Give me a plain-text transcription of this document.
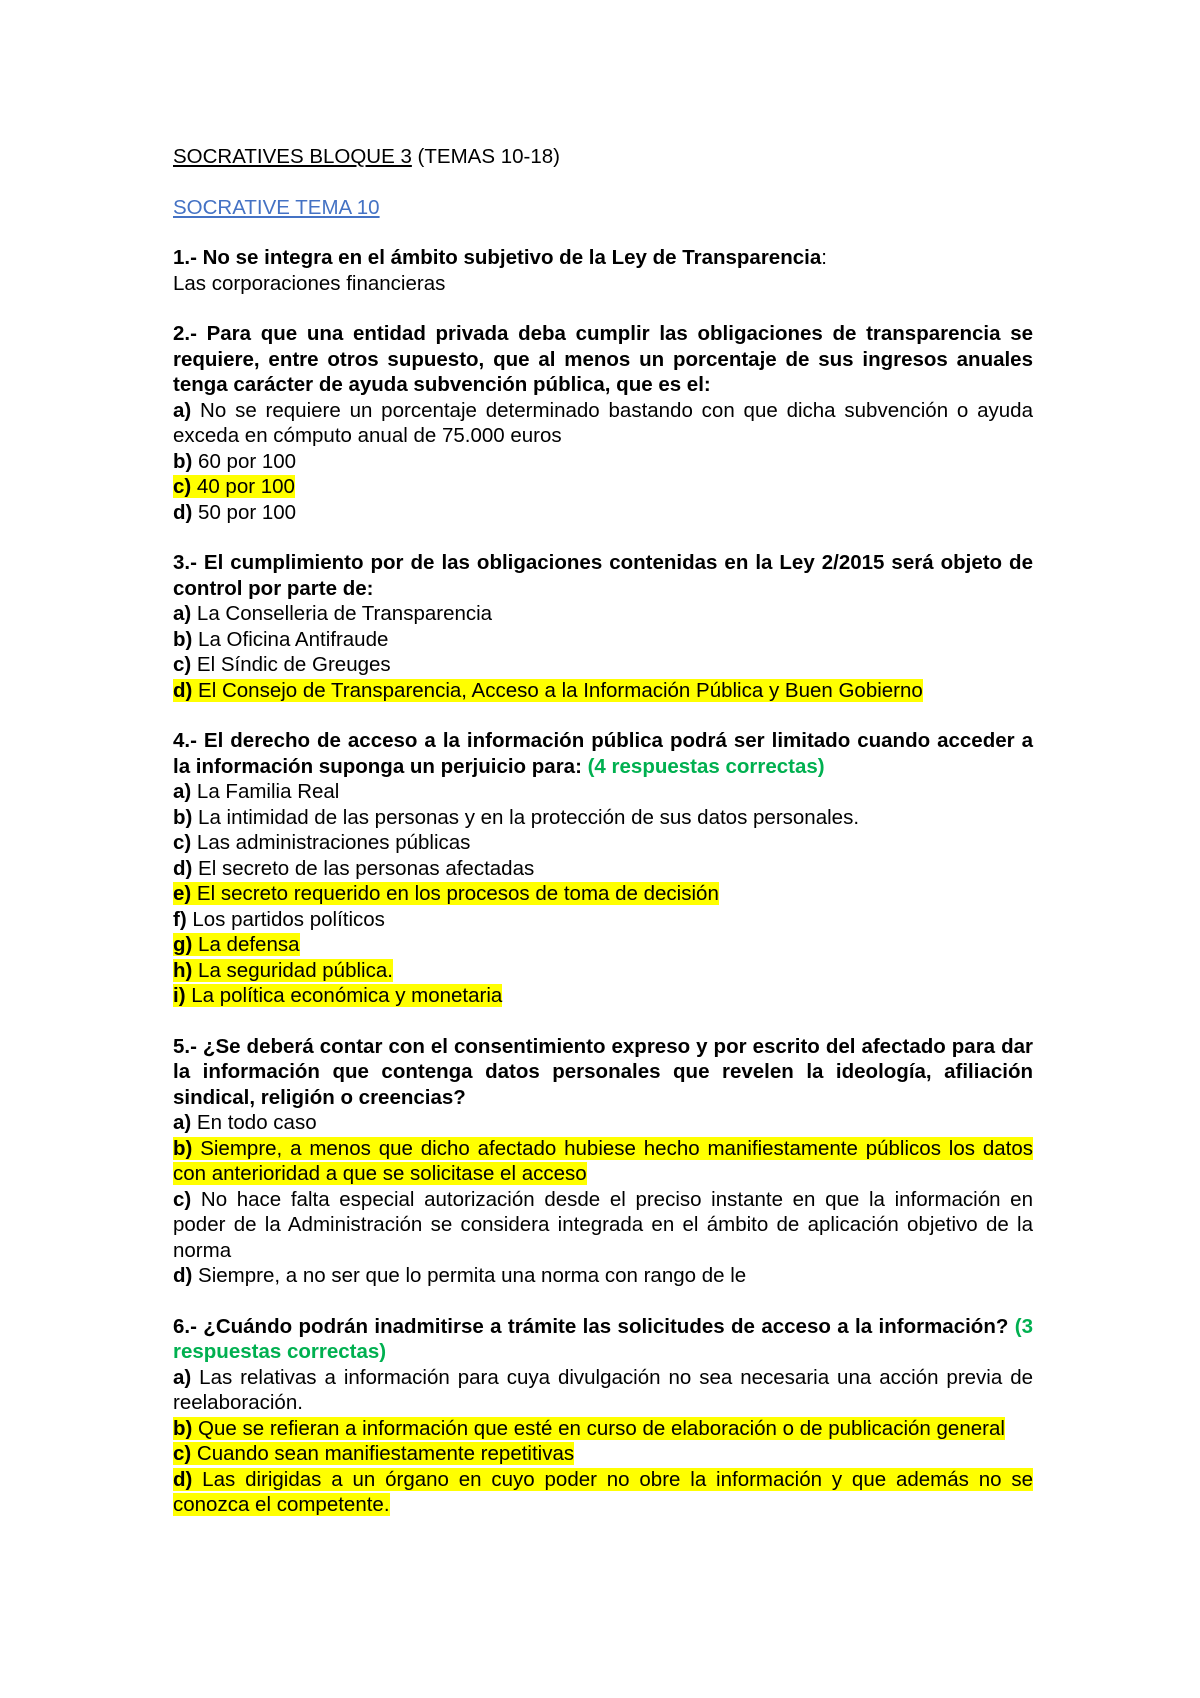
SOCRATIVES BLOQUE 3 (TEMAS 10-18)
SOCRATIVE TEMA 10
1.- No se integra en el ámbito subjetivo de la Ley de Transparencia:
Las corporaciones financieras
2.- Para que una entidad privada deba cumplir las obligaciones de transparencia se requiere, entre otros supuesto, que al menos un porcentaje de sus ingresos anuales tenga carácter de ayuda subvención pública, que es el:
a) No se requiere un porcentaje determinado bastando con que dicha subvención o ayuda exceda en cómputo anual de 75.000 euros
b) 60 por 100
c) 40 por 100
d) 50 por 100
3.- El cumplimiento por de las obligaciones contenidas en la Ley 2/2015 será objeto de control por parte de:
a) La Conselleria de Transparencia
b) La Oficina Antifraude
c) El Síndic de Greuges
d) El Consejo de Transparencia, Acceso a la Información Pública y Buen Gobierno
4.- El derecho de acceso a la información pública podrá ser limitado cuando acceder a la información suponga un perjuicio para: (4 respuestas correctas)
a) La Familia Real
b) La intimidad de las personas y en la protección de sus datos personales.
c) Las administraciones públicas
d) El secreto de las personas afectadas
e) El secreto requerido en los procesos de toma de decisión
f) Los partidos políticos
g) La defensa
h) La seguridad pública.
i) La política económica y monetaria
5.- ¿Se deberá contar con el consentimiento expreso y por escrito del afectado para dar la información que contenga datos personales que revelen la ideología, afiliación sindical, religión o creencias?
a) En todo caso
b) Siempre, a menos que dicho afectado hubiese hecho manifiestamente públicos los datos con anterioridad a que se solicitase el acceso
c) No hace falta especial autorización desde el preciso instante en que la información en poder de la Administración se considera integrada en el ámbito de aplicación objetivo de la norma
d) Siempre, a no ser que lo permita una norma con rango de le
6.- ¿Cuándo podrán inadmitirse a trámite las solicitudes de acceso a la información? (3 respuestas correctas)
a) Las relativas a información para cuya divulgación no sea necesaria una acción previa de reelaboración.
b) Que se refieran a información que esté en curso de elaboración o de publicación general
c) Cuando sean manifiestamente repetitivas
d) Las dirigidas a un órgano en cuyo poder no obre la información y que además no se conozca el competente.
